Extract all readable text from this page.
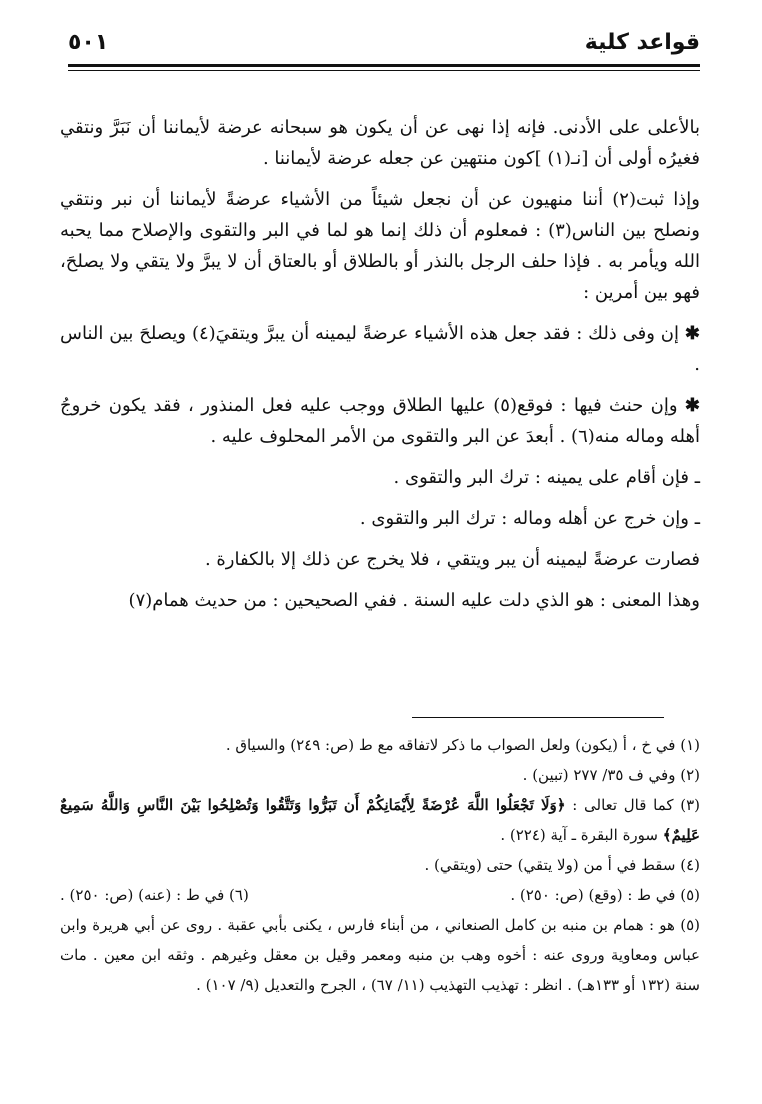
قواعد كلية
٥٠١

بالأعلى على الأدنى. فإنه إذا نهى عن أن يكون هو سبحانه عرضة لأيماننا أن نَبَرَّ ونتقي فغيرُه أولى أن [نـ(١) ]كون منتهين عن جعله عرضة لأيماننا .

وإذا ثبت(٢) أننا منهيون عن أن نجعل شيئاً من الأشياء عرضةً لأيماننا أن نبر ونتقي ونصلح بين الناس(٣) : فمعلوم أن ذلك إنما هو لما في البر والتقوى والإصلاح مما يحبه الله ويأمر به . فإذا حلف الرجل بالنذر أو بالطلاق أو بالعتاق أن لا يبرَّ ولا يتقي ولا يصلحَ، فهو بين أمرين :

✱ إن وفى ذلك : فقد جعل هذه الأشياء عرضةً ليمينه أن يبرَّ ويتقيَ(٤) ويصلحَ بين الناس .

✱ وإن حنث فيها : فوقع(٥) عليها الطلاق ووجب عليه فعل المنذور ، فقد يكون خروجُ أهله وماله منه(٦) . أبعدَ عن البر والتقوى من الأمر المحلوف عليه .

ـ فإن أقام على يمينه : ترك البر والتقوى .

ـ وإن خرج عن أهله وماله : ترك البر والتقوى .

فصارت عرضةً ليمينه أن يبر ويتقي ، فلا يخرج عن ذلك إلا بالكفارة .

وهذا المعنى : هو الذي دلت عليه السنة . ففي الصحيحين : من حديث همام(٧)

(١) في خ ، أ (يكون) ولعل الصواب ما ذكر لاتفاقه مع ط (ص: ٢٤٩) والسياق .

(٢) وفي ف ٣٥/ ٢٧٧ (تبين) .

(٣) كما قال تعالى : ﴿وَلَا تَجْعَلُوا اللَّهَ عُرْضَةً لِأَيْمَانِكُمْ أَن تَبَرُّوا وَتَتَّقُوا وَتُصْلِحُوا بَيْنَ النَّاسِ وَاللَّهُ سَمِيعٌ عَلِيمٌ﴾ سورة البقرة ـ آية (٢٢٤) .

(٤) سقط في أ من (ولا يتقي) حتى (ويتقي) .

(٥) في ط : (وقع) (ص: ٢٥٠) .
(٦) في ط : (عنه) (ص: ٢٥٠) .

(٥) هو : همام بن منبه بن كامل الصنعاني ، من أبناء فارس ، يكنى بأبي عقبة . روى عن أبي هريرة وابن عباس ومعاوية وروى عنه : أخوه وهب بن منبه ومعمر وقيل بن معقل وغيرهم . وثقه ابن معين . مات سنة (١٣٢ أو ١٣٣هـ) . انظر : تهذيب التهذيب (١١/ ٦٧) ، الجرح والتعديل (٩/ ١٠٧) .
